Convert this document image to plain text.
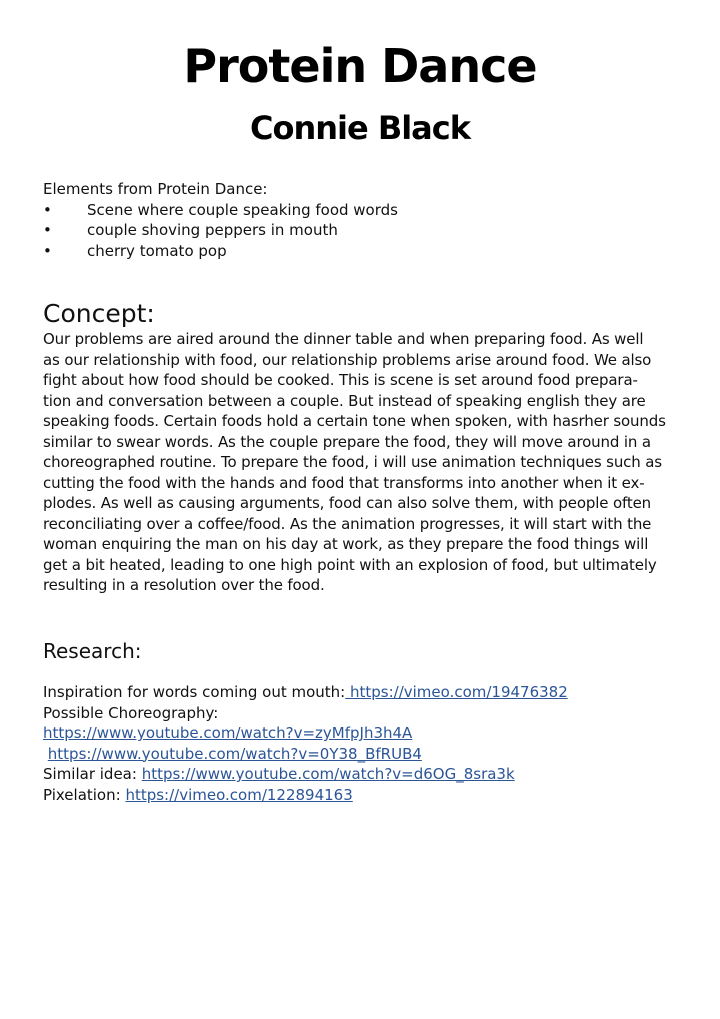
Protein Dance
Connie Black
Elements from Protein Dance:
•	Scene where couple speaking food words
•	couple shoving peppers in mouth
•	cherry tomato pop
Concept:
Our problems are aired around the dinner table and when preparing food. As well
as our relationship with food, our relationship problems arise around food. We also
fight about how food should be cooked. This is scene is set around food prepara-
tion and conversation between a couple. But instead of speaking english they are
speaking foods. Certain foods hold a certain tone when spoken, with hasrher sounds
similar to swear words. As the couple prepare the food, they will move around in a
choreographed routine. To prepare the food, i will use animation techniques such as
cutting the food with the hands and food that transforms into another when it ex-
plodes. As well as causing arguments, food can also solve them, with people often
reconciliating over a coffee/food. As the animation progresses, it will start with the
woman enquiring the man on his day at work, as they prepare the food things will
get a bit heated, leading to one high point with an explosion of food, but ultimately
resulting in a resolution over the food.
Research:
Inspiration for words coming out mouth: https://vimeo.com/19476382
Possible Choreography:
https://www.youtube.com/watch?v=zyMfpJh3h4A
https://www.youtube.com/watch?v=0Y38_BfRUB4
Similar idea: https://www.youtube.com/watch?v=d6OG_8sra3k
Pixelation: https://vimeo.com/122894163
